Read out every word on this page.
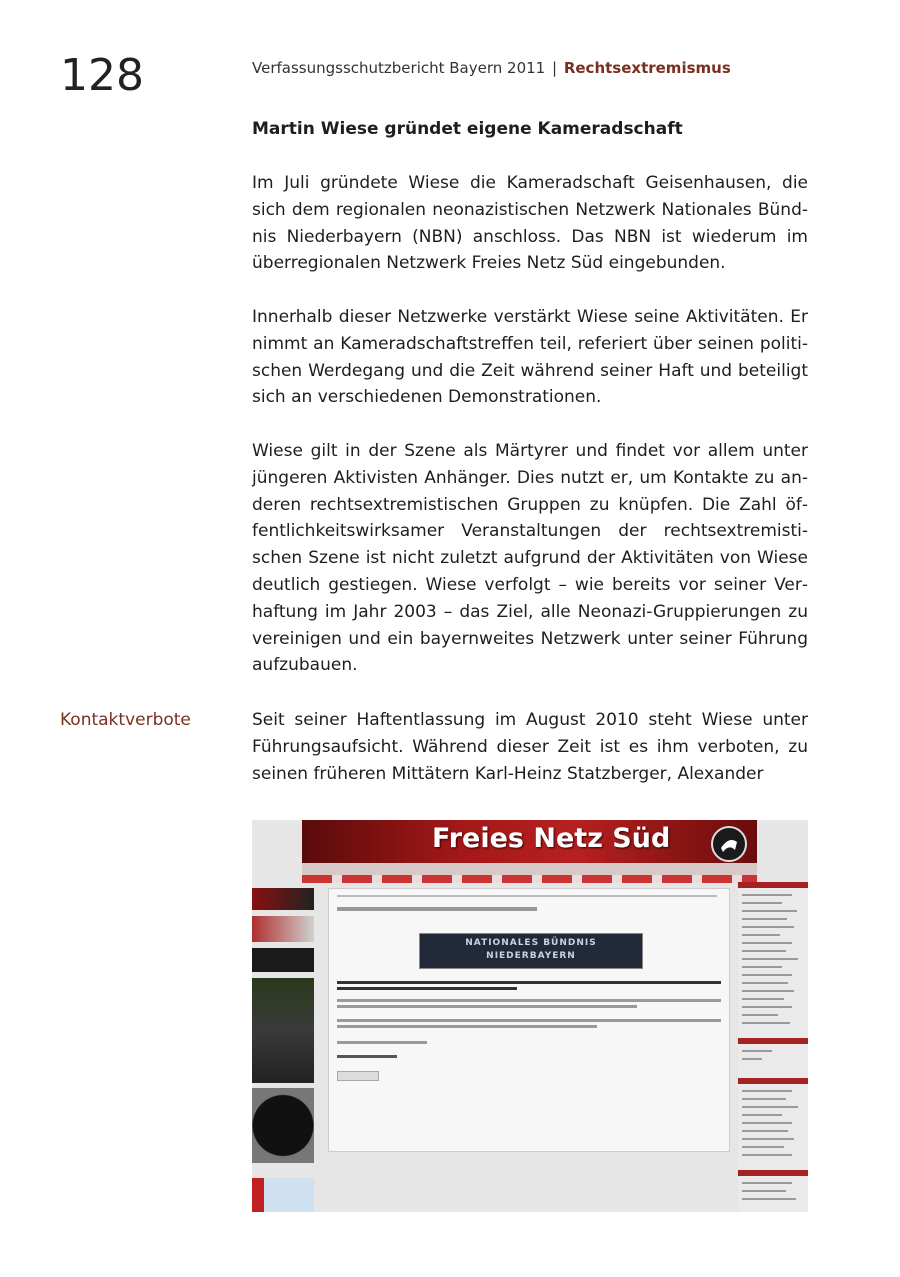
128	Verfassungsschutzbericht Bayern 2011 | Rechtsextremismus
Martin Wiese gründet eigene Kameradschaft

Im Juli gründete Wiese die Kameradschaft Geisenhausen, die sich dem regionalen neonazistischen Netzwerk Nationales Bündnis Niederbayern (NBN) anschloss. Das NBN ist wiederum im überregionalen Netzwerk Freies Netz Süd eingebunden.

Innerhalb dieser Netzwerke verstärkt Wiese seine Aktivitäten. Er nimmt an Kameradschaftstreffen teil, referiert über seinen politischen Werdegang und die Zeit während seiner Haft und beteiligt sich an verschiedenen Demonstrationen.

Wiese gilt in der Szene als Märtyrer und findet vor allem unter jüngeren Aktivisten Anhänger. Dies nutzt er, um Kontakte zu anderen rechtsextremistischen Gruppen zu knüpfen. Die Zahl öffentlichkeitswirksamer Veranstaltungen der rechtsextremistischen Szene ist nicht zuletzt aufgrund der Aktivitäten von Wiese deutlich gestiegen. Wiese verfolgt – wie bereits vor seiner Verhaftung im Jahr 2003 – das Ziel, alle Neonazi-Gruppierungen zu vereinigen und ein bayernweites Netzwerk unter seiner Führung aufzubauen.

Kontaktverbote	Seit seiner Haftentlassung im August 2010 steht Wiese unter Führungsaufsicht. Während dieser Zeit ist es ihm verboten, zu seinen früheren Mittätern Karl-Heinz Statzberger, Alexander

Freies Netz Süd
NATIONALES BÜNDNIS NIEDERBAYERN
